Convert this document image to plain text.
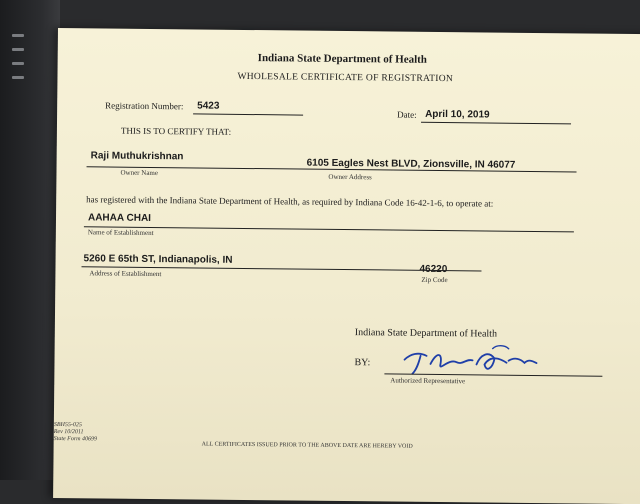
Indiana State Department of Health
WHOLESALE CERTIFICATE OF REGISTRATION
Registration Number: 5423
Date: April 10, 2019
THIS IS TO CERTIFY THAT:
Raji Muthukrishnan
6105 Eagles Nest BLVD, Zionsville, IN 46077
Owner Name	Owner Address
has registered with the Indiana State Department of Health, as required by Indiana Code 16-42-1-6, to operate at:
AAHAA CHAI
Name of Establishment
5260 E 65th ST, Indianapolis, IN
46220
Address of Establishment
Zip Code
Indiana State Department of Health
BY:
Authorized Representative
SBH55-025
Rev 10/2011
State Form 40699
ALL CERTIFICATES ISSUED PRIOR TO THE ABOVE DATE ARE HEREBY VOID
